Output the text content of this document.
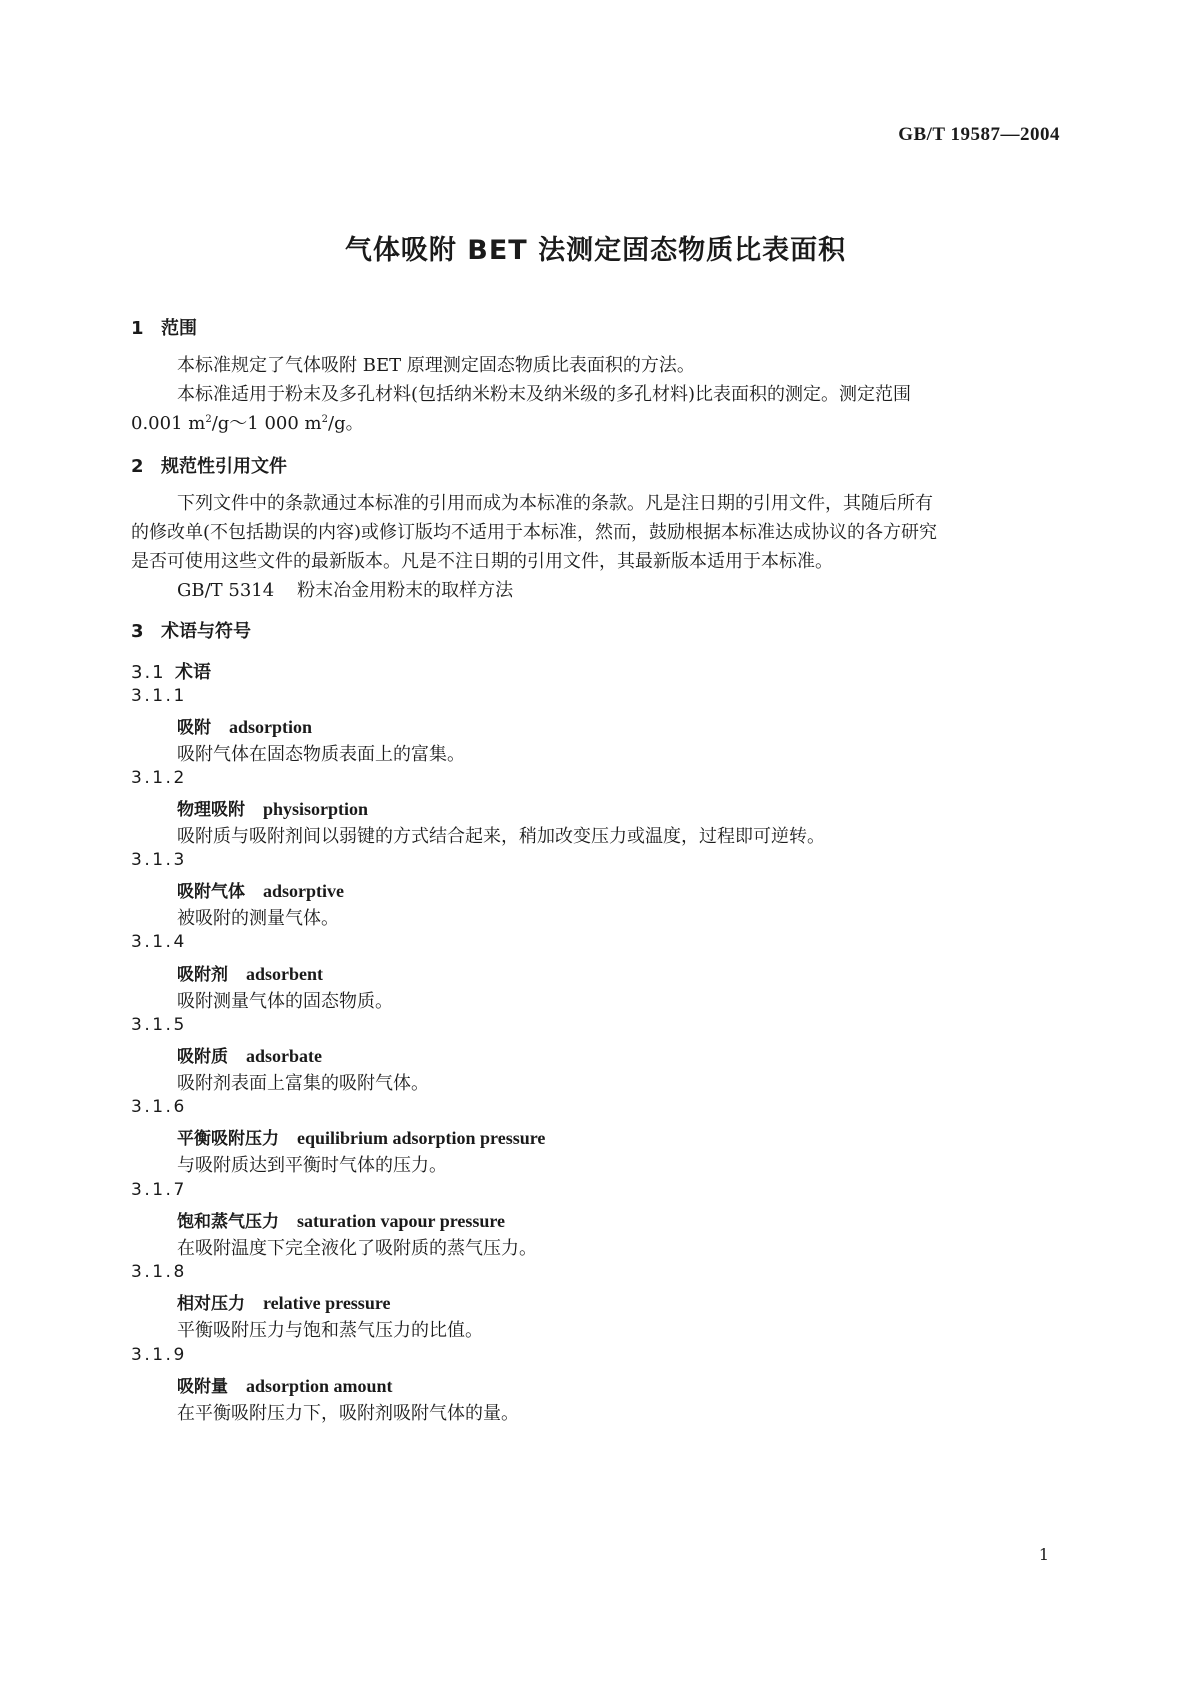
GB/T 19587—2004
气体吸附 BET 法测定固态物质比表面积
1 范围
本标准规定了气体吸附 BET 原理测定固态物质比表面积的方法。
本标准适用于粉末及多孔材料(包括纳米粉末及纳米级的多孔材料)比表面积的测定。测定范围
0.001 $m^2/g\sim 1$ 000 $m^2/g$。
2 规范性引用文件
下列文件中的条款通过本标准的引用而成为本标准的条款。凡是注日期的引用文件，其随后所有
的修改单(不包括勘误的内容)或修订版均不适用于本标准，然而，鼓励根据本标准达成协议的各方研究
是否可使用这些文件的最新版本。凡是不注日期的引用文件，其最新版本适用于本标准。
GB/T 5314    粉末冶金用粉末的取样方法
3 术语与符号
3.1 术语
3.1.1
吸附 adsorption
吸附气体在固态物质表面上的富集。
3.1.2
物理吸附 physisorption
吸附质与吸附剂间以弱键的方式结合起来，稍加改变压力或温度，过程即可逆转。
3.1.3
吸附气体 adsorptive
被吸附的测量气体。
3.1.4
吸附剂 adsorbent
吸附测量气体的固态物质。
3.1.5
吸附质 adsorbate
吸附剂表面上富集的吸附气体。
3.1.6
平衡吸附压力 equilibrium adsorption pressure
与吸附质达到平衡时气体的压力。
3.1.7
饱和蒸气压力 saturation vapour pressure
在吸附温度下完全液化了吸附质的蒸气压力。
3.1.8
相对压力 relative pressure
平衡吸附压力与饱和蒸气压力的比值。
3.1.9
吸附量 adsorption amount
在平衡吸附压力下，吸附剂吸附气体的量。
1
